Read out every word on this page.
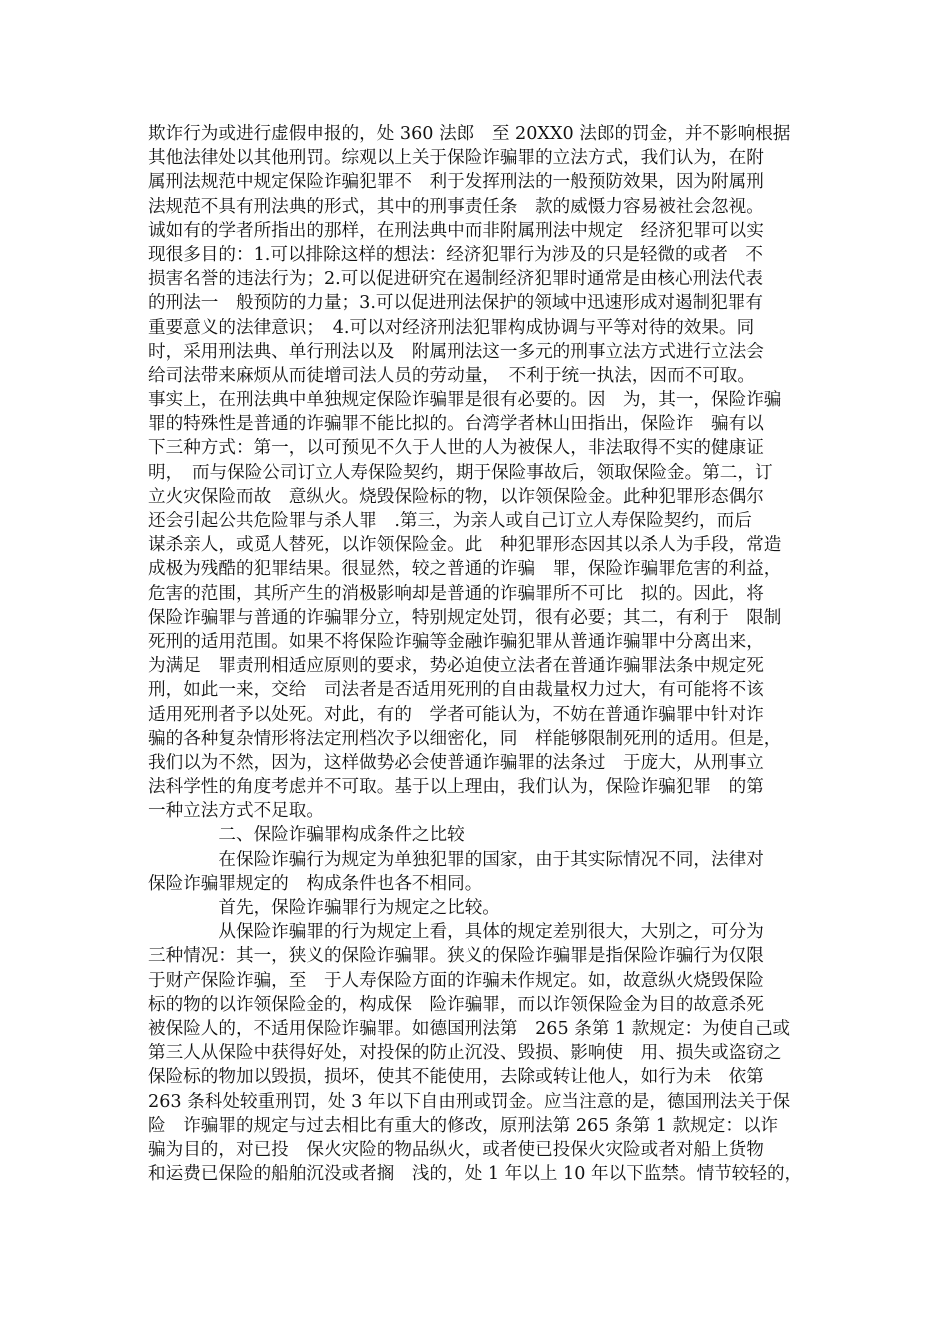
欺诈行为或进行虚假申报的，处 360 法郎　至 20XX0 法郎的罚金，并不影响根据
其他法律处以其他刑罚。综观以上关于保险诈骗罪的立法方式，我们认为，在附
属刑法规范中规定保险诈骗犯罪不　利于发挥刑法的一般预防效果，因为附属刑
法规范不具有刑法典的形式，其中的刑事责任条　款的威慑力容易被社会忽视。
诚如有的学者所指出的那样，在刑法典中而非附属刑法中规定　经济犯罪可以实
现很多目的：1.可以排除这样的想法：经济犯罪行为涉及的只是轻微的或者　不
损害名誉的违法行为；2.可以促进研究在遏制经济犯罪时通常是由核心刑法代表
的刑法一　般预防的力量；3.可以促进刑法保护的领域中迅速形成对遏制犯罪有
重要意义的法律意识；　4.可以对经济刑法犯罪构成协调与平等对待的效果。同
时，采用刑法典、单行刑法以及　附属刑法这一多元的刑事立法方式进行立法会
给司法带来麻烦从而徒增司法人员的劳动量，　不利于统一执法，因而不可取。
事实上，在刑法典中单独规定保险诈骗罪是很有必要的。因　为，其一，保险诈骗
罪的特殊性是普通的诈骗罪不能比拟的。台湾学者林山田指出，保险诈　骗有以
下三种方式：第一，以可预见不久于人世的人为被保人，非法取得不实的健康证
明，　而与保险公司订立人寿保险契约，期于保险事故后，领取保险金。第二，订
立火灾保险而故　意纵火。烧毁保险标的物，以诈领保险金。此种犯罪形态偶尔
还会引起公共危险罪与杀人罪　.第三，为亲人或自己订立人寿保险契约，而后
谋杀亲人，或觅人替死，以诈领保险金。此　种犯罪形态因其以杀人为手段，常造
成极为残酷的犯罪结果。很显然，较之普通的诈骗　罪，保险诈骗罪危害的利益，
危害的范围，其所产生的消极影响却是普通的诈骗罪所不可比　拟的。因此，将
保险诈骗罪与普通的诈骗罪分立，特别规定处罚，很有必要；其二，有利于　限制
死刑的适用范围。如果不将保险诈骗等金融诈骗犯罪从普通诈骗罪中分离出来，
为满足　罪责刑相适应原则的要求，势必迫使立法者在普通诈骗罪法条中规定死
刑，如此一来，交给　司法者是否适用死刑的自由裁量权力过大，有可能将不该
适用死刑者予以处死。对此，有的　学者可能认为，不妨在普通诈骗罪中针对诈
骗的各种复杂情形将法定刑档次予以细密化，同　样能够限制死刑的适用。但是，
我们以为不然，因为，这样做势必会使普通诈骗罪的法条过　于庞大，从刑事立
法科学性的角度考虑并不可取。基于以上理由，我们认为，保险诈骗犯罪　的第
一种立法方式不足取。
　　　　二、保险诈骗罪构成条件之比较
　　　　在保险诈骗行为规定为单独犯罪的国家，由于其实际情况不同，法律对
保险诈骗罪规定的　构成条件也各不相同。
　　　　首先，保险诈骗罪行为规定之比较。
　　　　从保险诈骗罪的行为规定上看，具体的规定差别很大，大别之，可分为
三种情况：其一，狭义的保险诈骗罪。狭义的保险诈骗罪是指保险诈骗行为仅限
于财产保险诈骗，至　于人寿保险方面的诈骗未作规定。如，故意纵火烧毁保险
标的物的以诈领保险金的，构成保　险诈骗罪，而以诈领保险金为目的故意杀死
被保险人的，不适用保险诈骗罪。如德国刑法第　265 条第 1 款规定：为使自己或
第三人从保险中获得好处，对投保的防止沉没、毁损、影响使　用、损失或盗窃之
保险标的物加以毁损，损坏，使其不能使用，去除或转让他人，如行为未　依第
263 条科处较重刑罚，处 3 年以下自由刑或罚金。应当注意的是，德国刑法关于保
险　诈骗罪的规定与过去相比有重大的修改，原刑法第 265 条第 1 款规定：以诈
骗为目的，对已投　保火灾险的物品纵火，或者使已投保火灾险或者对船上货物
和运费已保险的船舶沉没或者搁　浅的，处 1 年以上 10 年以下监禁。情节较轻的，
